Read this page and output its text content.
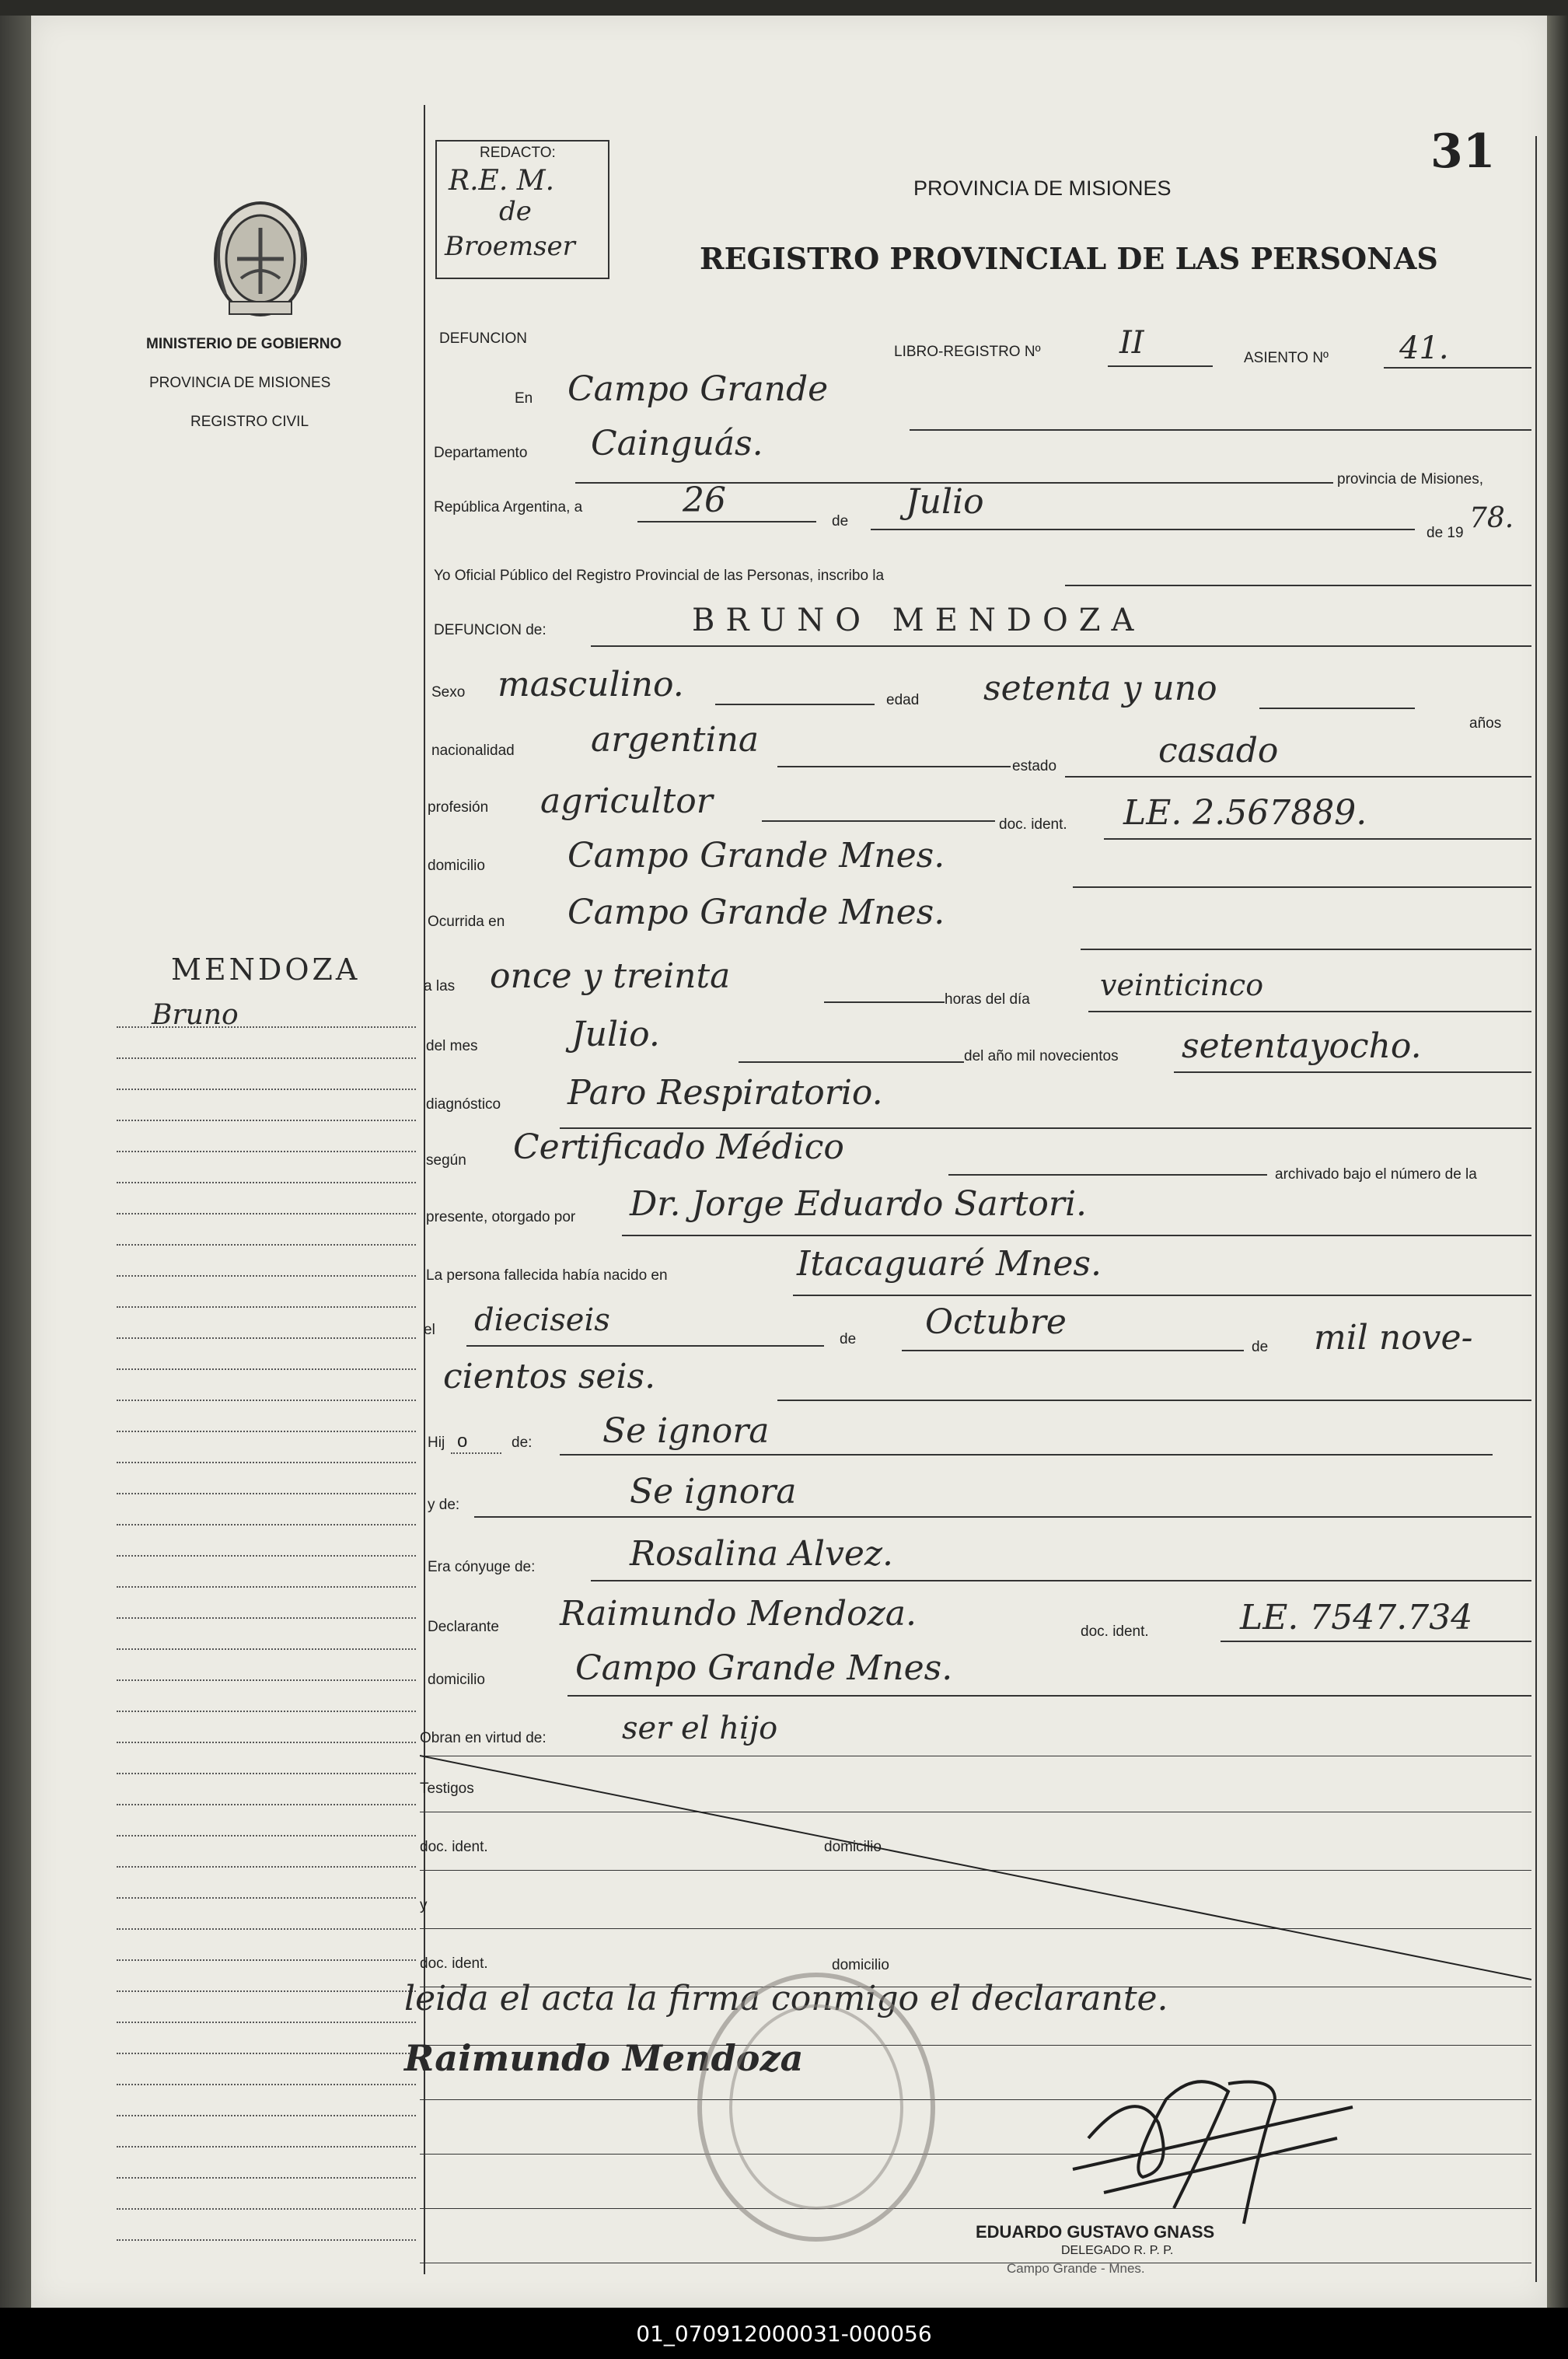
MINISTERIO DE GOBIERNO
PROVINCIA DE MISIONES
REGISTRO CIVIL
REDACTO:
R.E. M.
de
Broemser
31
PROVINCIA DE MISIONES
REGISTRO PROVINCIAL DE LAS PERSONAS
DEFUNCION
LIBRO-REGISTRO Nº	II	ASIENTO Nº 41.
En Campo Grande
Departamento Cainguás.
provincia de Misiones,
República Argentina, a	26
de Julio
de 19 78.
Yo Oficial Público del Registro Provincial de las Personas, inscribo la
DEFUNCION de:	BRUNO MENDOZA
Sexo masculino.	edad setenta y uno
años
nacionalidad argentina
estado	casado
profesión agricultor
doc. ident. LE. 2.567889.
domicilio Campo Grande Mnes.
Ocurrida en Campo Grande Mnes.
MENDOZA
Bruno
a las once y treinta
horas del día veinticinco
del mes	Julio.
del año mil novecientos setentayocho.
diagnóstico Paro Respiratorio.
según Certificado Médico
archivado bajo el número de la
presente, otorgado por Dr. Jorge Eduardo Sartori.
La persona fallecida había nacido en	Itacaguaré Mnes.
el dieciseis
de Octubre
de mil nove-
cientos seis.
Hij o	de: Se ignora
y de:	Se ignora
Era cónyuge de:	Rosalina Alvez.
Declarante Raimundo Mendoza.	doc. ident.	LE. 7547.734
domicilio	Campo Grande Mnes.
Obran en virtud de: ser el hijo
Testigos
doc. ident.	domicilio
y
doc. ident.	domicilio
leida el acta la firma conmigo el declarante.
Raimundo Mendoza
EDUARDO GUSTAVO GNASS
DELEGADO R. P. P.
Campo Grande - Mnes.
01_070912000031-000056
